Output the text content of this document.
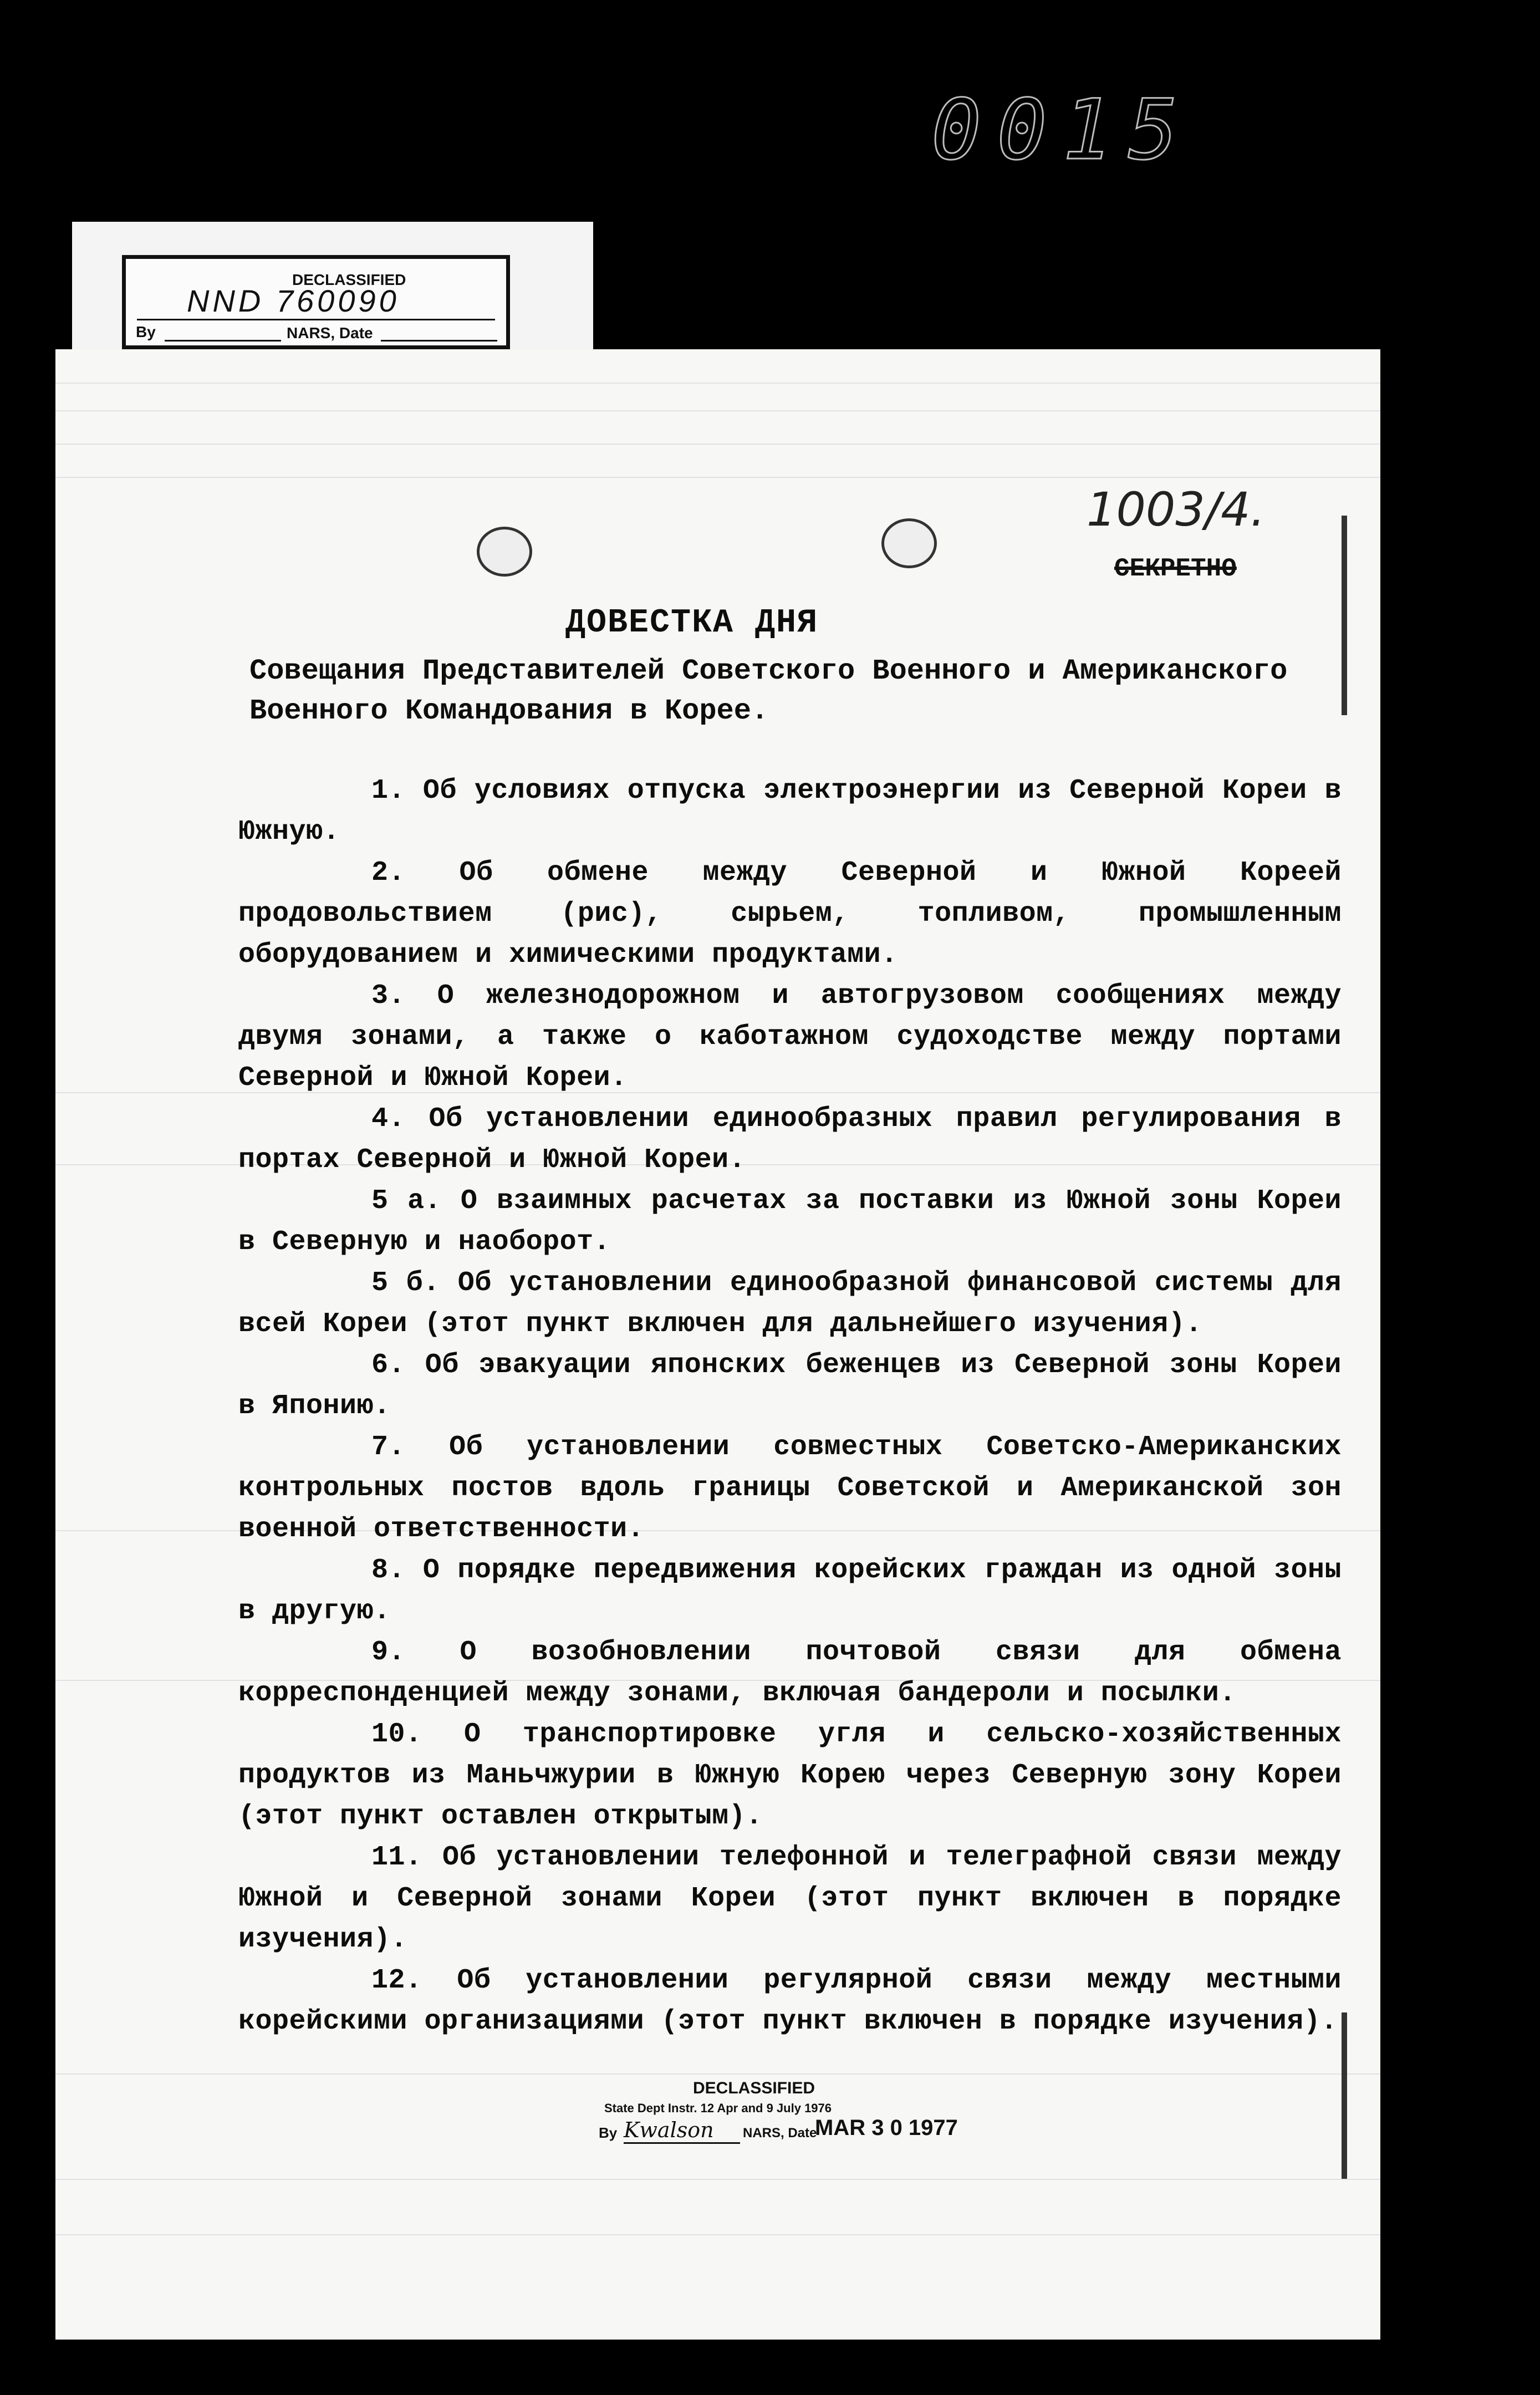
0015
DECLASSIFIED
NND 760090
By	NARS, Date
1003/4.
СЕКРЕТНО
ДОВЕСТКА ДНЯ
Совещания Представителей Советского Военного и Американского Военного Командования в Корее.

1. Об условиях отпуска электроэнергии из Северной Кореи в Южную.

2. Об обмене между Северной и Южной Кореей продовольствием (рис), сырьем, топливом, промышленным оборудованием и химическими продуктами.

3. О железнодорожном и автогрузовом сообщениях между двумя зонами, а также о каботажном судоходстве между портами Северной и Южной Кореи.

4. Об установлении единообразных правил регулирования в портах Северной и Южной Кореи.

5 а. О взаимных расчетах за поставки из Южной зоны Кореи в Северную и наоборот.

5 б. Об установлении единообразной финансовой системы для всей Кореи (этот пункт включен для дальнейшего изучения).

6. Об эвакуации японских беженцев из Северной зоны Кореи в Японию.

7. Об установлении совместных Советско-Американских контрольных постов вдоль границы Советской и Американской зон военной ответственности.

8. О порядке передвижения корейских граждан из одной зоны в другую.

9. О возобновлении почтовой связи для обмена корреспонденцией между зонами, включая бандероли и посылки.

10. О транспортировке угля и сельско-хозяйственных продуктов из Маньчжурии в Южную Корею через Северную зону Кореи (этот пункт оставлен открытым).

11. Об установлении телефонной и телеграфной связи между Южной и Северной зонами Кореи (этот пункт включен в порядке изучения).

12. Об установлении регулярной связи между местными корейскими организациями (этот пункт включен в порядке изучения).

DECLASSIFIED
State Dept Instr. 12 Apr and 9 July 1976
By Kwalson	NARS, Date
MAR 3 0 1977
